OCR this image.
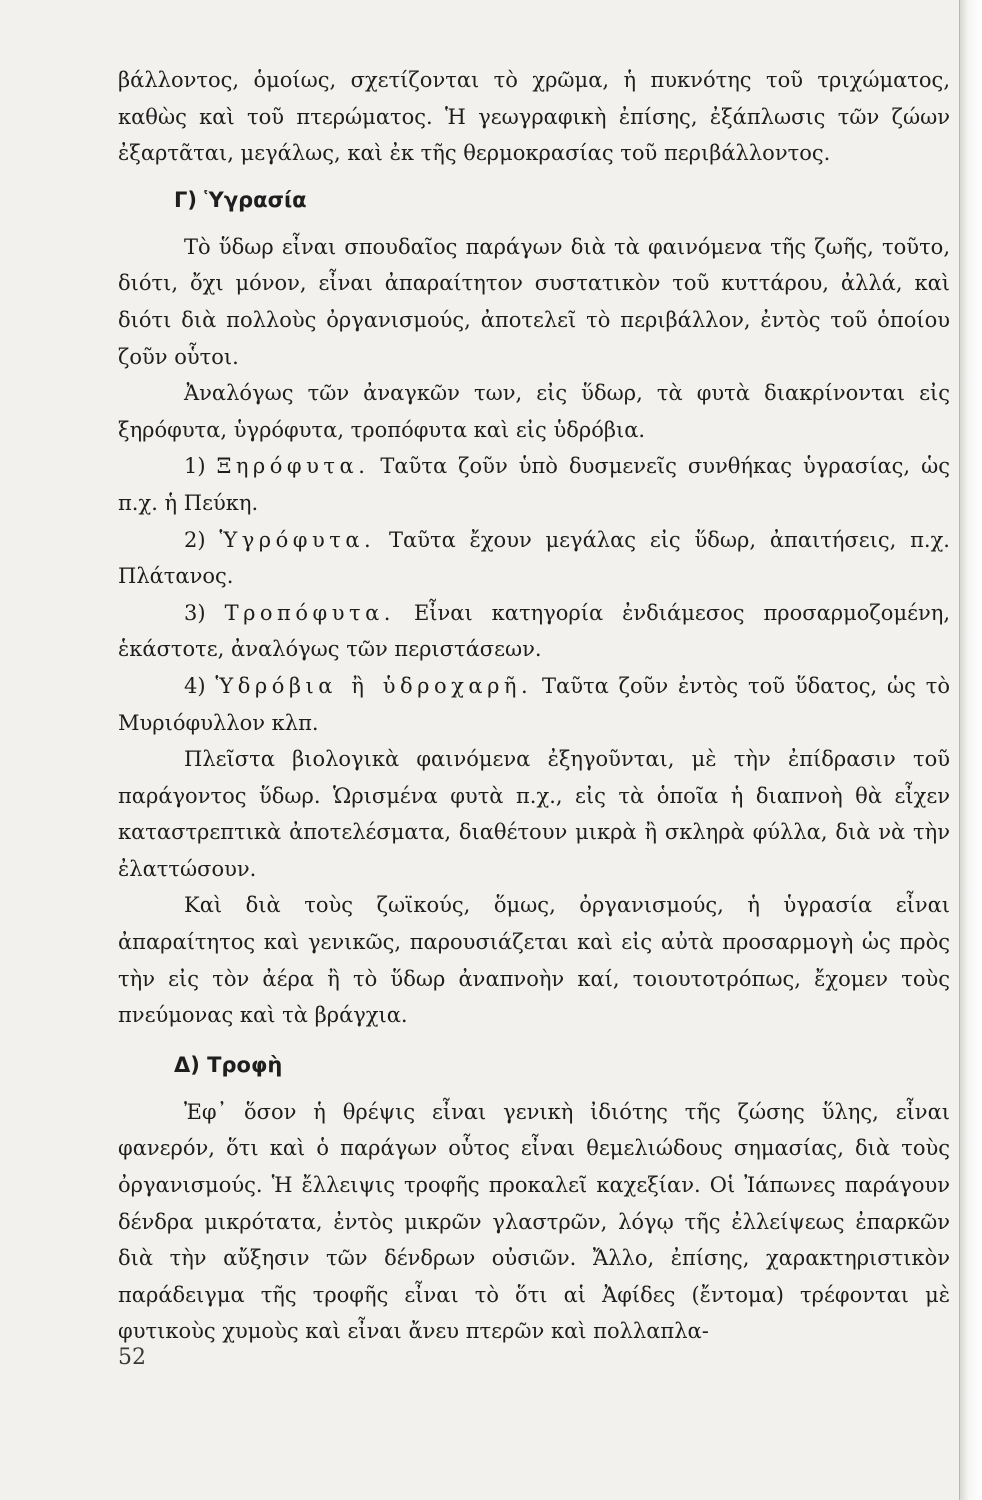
βάλλοντος, ὁμοίως, σχετίζονται τὸ χρῶμα, ἡ πυκνότης τοῦ τριχώματος, καθὼς καὶ τοῦ πτερώματος. Ἡ γεωγραφικὴ ἐπίσης, ἐξάπλωσις τῶν ζώων ἐξαρτᾶται, μεγάλως, καὶ ἐκ τῆς θερμοκρασίας τοῦ περιβάλλοντος.

Γ) Ὑγρασία

Τὸ ὕδωρ εἶναι σπουδαῖος παράγων διὰ τὰ φαινόμενα τῆς ζωῆς, τοῦτο, διότι, ὄχι μόνον, εἶναι ἀπαραίτητον συστατικὸν τοῦ κυττάρου, ἀλλά, καὶ διότι διὰ πολλοὺς ὀργανισμούς, ἀποτελεῖ τὸ περιβάλλον, ἐντὸς τοῦ ὁποίου ζοῦν οὗτοι.

Ἀναλόγως τῶν ἀναγκῶν των, εἰς ὕδωρ, τὰ φυτὰ διακρίνονται εἰς ξηρόφυτα, ὑγρόφυτα, τροπόφυτα καὶ εἰς ὑδρόβια.

1) Ξηρόφυτα. Ταῦτα ζοῦν ὑπὸ δυσμενεῖς συνθήκας ὑγρασίας, ὡς π.χ. ἡ Πεύκη.

2) Ὑγρόφυτα. Ταῦτα ἔχουν μεγάλας εἰς ὕδωρ, ἀπαιτήσεις, π.χ. Πλάτανος.

3) Τροπόφυτα. Εἶναι κατηγορία ἐνδιάμεσος προσαρμοζομένη, ἑκάστοτε, ἀναλόγως τῶν περιστάσεων.

4) Ὑδρόβια ἢ ὑδροχαρῆ. Ταῦτα ζοῦν ἐντὸς τοῦ ὕδατος, ὡς τὸ Μυριόφυλλον κλπ.

Πλεῖστα βιολογικὰ φαινόμενα ἐξηγοῦνται, μὲ τὴν ἐπίδρασιν τοῦ παράγοντος ὕδωρ. Ὡρισμένα φυτὰ π.χ., εἰς τὰ ὁποῖα ἡ διαπνοὴ θὰ εἶχεν καταστρεπτικὰ ἀποτελέσματα, διαθέτουν μικρὰ ἢ σκληρὰ φύλλα, διὰ νὰ τὴν ἐλαττώσουν.

Καὶ διὰ τοὺς ζωϊκούς, ὅμως, ὀργανισμούς, ἡ ὑγρασία εἶναι ἀπαραίτητος καὶ γενικῶς, παρουσιάζεται καὶ εἰς αὐτὰ προσαρμογὴ ὡς πρὸς τὴν εἰς τὸν ἀέρα ἢ τὸ ὕδωρ ἀναπνοὴν καί, τοιουτοτρόπως, ἔχομεν τοὺς πνεύμονας καὶ τὰ βράγχια.

Δ) Τροφὴ

Ἐφ᾽ ὅσον ἡ θρέψις εἶναι γενικὴ ἰδιότης τῆς ζώσης ὕλης, εἶναι φανερόν, ὅτι καὶ ὁ παράγων οὗτος εἶναι θεμελιώδους σημασίας, διὰ τοὺς ὀργανισμούς. Ἡ ἔλλειψις τροφῆς προκαλεῖ καχεξίαν. Οἱ Ἰάπωνες παράγουν δένδρα μικρότατα, ἐντὸς μικρῶν γλαστρῶν, λόγῳ τῆς ἐλλείψεως ἐπαρκῶν διὰ τὴν αὔξησιν τῶν δένδρων οὐσιῶν. Ἄλλο, ἐπίσης, χαρακτηριστικὸν παράδειγμα τῆς τροφῆς εἶναι τὸ ὅτι αἱ Ἀφίδες (ἔντομα) τρέφονται μὲ φυτικοὺς χυμοὺς καὶ εἶναι ἄνευ πτερῶν καὶ πολλαπλα-

52
